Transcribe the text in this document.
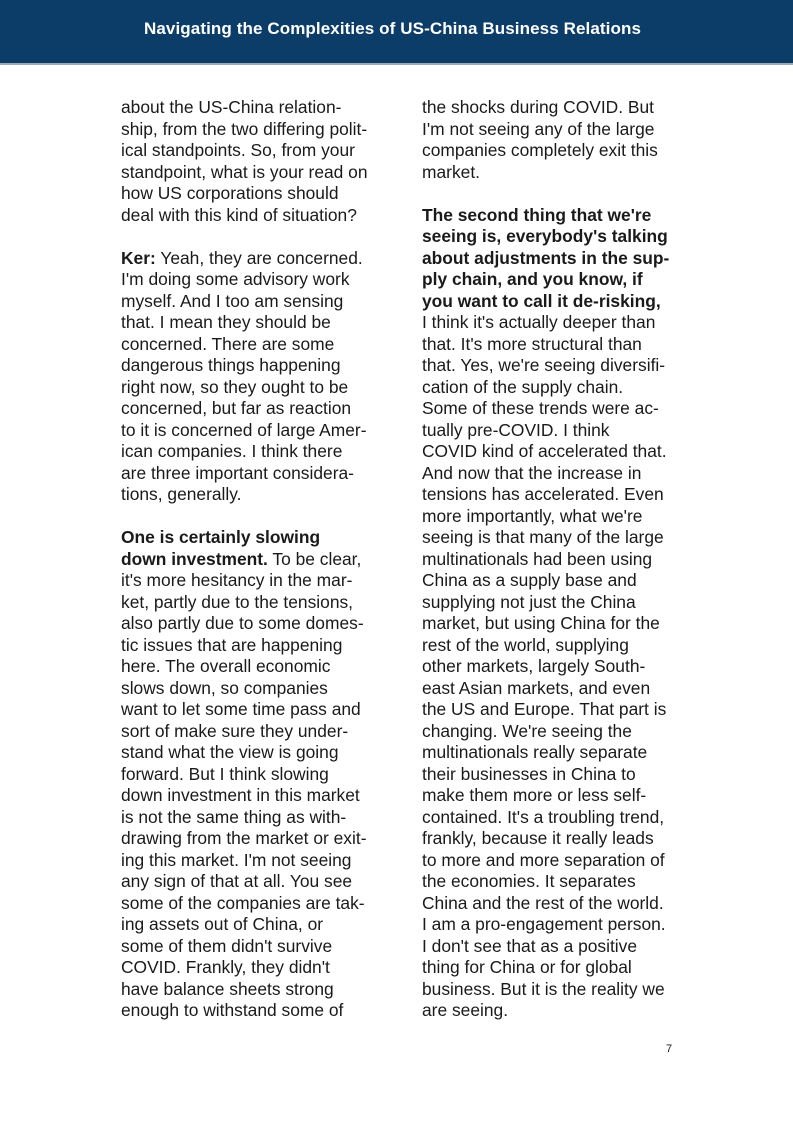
Navigating the Complexities of US-China Business Relations

about the US-China relation-
ship, from the two differing polit-
ical standpoints. So, from your
standpoint, what is your read on
how US corporations should
deal with this kind of situation?

Ker: Yeah, they are concerned.
I'm doing some advisory work
myself. And I too am sensing
that. I mean they should be
concerned. There are some
dangerous things happening
right now, so they ought to be
concerned, but far as reaction
to it is concerned of large Amer-
ican companies. I think there
are three important considera-
tions, generally.

One is certainly slowing
down investment. To be clear,
it's more hesitancy in the mar-
ket, partly due to the tensions,
also partly due to some domes-
tic issues that are happening
here. The overall economic
slows down, so companies
want to let some time pass and
sort of make sure they under-
stand what the view is going
forward. But I think slowing
down investment in this market
is not the same thing as with-
drawing from the market or exit-
ing this market. I'm not seeing
any sign of that at all. You see
some of the companies are tak-
ing assets out of China, or
some of them didn't survive
COVID. Frankly, they didn't
have balance sheets strong
enough to withstand some of

the shocks during COVID. But
I'm not seeing any of the large
companies completely exit this
market.

The second thing that we're
seeing is, everybody's talking
about adjustments in the sup-
ply chain, and you know, if
you want to call it de-risking,
I think it's actually deeper than
that. It's more structural than
that. Yes, we're seeing diversifi-
cation of the supply chain.
Some of these trends were ac-
tually pre-COVID. I think
COVID kind of accelerated that.
And now that the increase in
tensions has accelerated. Even
more importantly, what we're
seeing is that many of the large
multinationals had been using
China as a supply base and
supplying not just the China
market, but using China for the
rest of the world, supplying
other markets, largely South-
east Asian markets, and even
the US and Europe. That part is
changing. We're seeing the
multinationals really separate
their businesses in China to
make them more or less self-
contained. It's a troubling trend,
frankly, because it really leads
to more and more separation of
the economies. It separates
China and the rest of the world.
I am a pro-engagement person.
I don't see that as a positive
thing for China or for global
business. But it is the reality we
are seeing.

7
